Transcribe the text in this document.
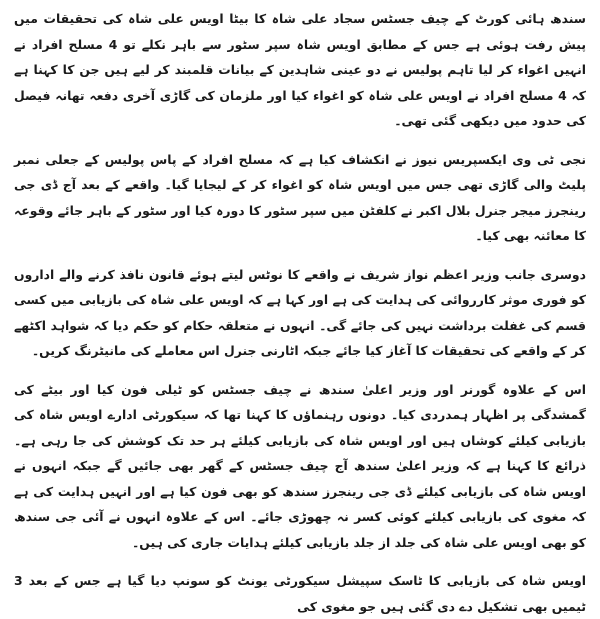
سندھ ہائی کورٹ کے چیف جسٹس سجاد علی شاہ کا بیٹا اویس علی شاہ کی تحقیقات میں پیش رفت ہوئی ہے جس کے مطابق اویس شاہ سپر سٹور سے باہر نکلے تو 4 مسلح افراد نے انہیں اغواء کر لیا تاہم پولیس نے دو عینی شاہدین کے بیانات قلمبند کر لیے ہیں جن کا کہنا ہے کہ 4 مسلح افراد نے اویس علی شاہ کو اغواء کیا اور ملزمان کی گاڑی آخری دفعہ تھانہ فیصل کی حدود میں دیکھی گئی تھی۔

نجی ٹی وی ایکسپریس نیوز نے انکشاف کیا ہے کہ مسلح افراد کے پاس پولیس کے جعلی نمبر پلیٹ والی گاڑی تھی جس میں اویس شاہ کو اغواء کر کے لیجایا گیا۔ واقعے کے بعد آج ڈی جی رینجرز میجر جنرل بلال اکبر نے کلفٹن میں سپر سٹور کا دورہ کیا اور سٹور کے باہر جائے وقوعہ کا معائنہ بھی کیا۔

دوسری جانب وزیر اعظم نواز شریف نے واقعے کا نوٹس لیتے ہوئے قانون نافذ کرنے والے اداروں کو فوری موثر کارروائی کی ہدایت کی ہے اور کہا ہے کہ اویس علی شاہ کی بازیابی میں کسی قسم کی غفلت برداشت نہیں کی جائے گی۔ انہوں نے متعلقہ حکام کو حکم دیا کہ شواہد اکٹھے کر کے واقعے کی تحقیقات کا آغاز کیا جائے جبکہ اٹارنی جنرل اس معاملے کی مانیٹرنگ کریں۔

اس کے علاوہ گورنر اور وزیر اعلیٰ سندھ نے چیف جسٹس کو ٹیلی فون کیا اور بیٹے کی گمشدگی پر اظہار ہمدردی کیا۔ دونوں رہنماؤں کا کہنا تھا کہ سیکورٹی ادارے اویس شاہ کی بازیابی کیلئے کوشاں ہیں اور اویس شاہ کی بازیابی کیلئے ہر حد تک کوشش کی جا رہی ہے۔ ذرائع کا کہنا ہے کہ وزیر اعلیٰ سندھ آج چیف جسٹس کے گھر بھی جائیں گے جبکہ انہوں نے اویس شاہ کی بازیابی کیلئے ڈی جی رینجرز سندھ کو بھی فون کیا ہے اور انہیں ہدایت کی ہے کہ مغوی کی بازیابی کیلئے کوئی کسر نہ چھوڑی جائے۔ اس کے علاوہ انہوں نے آئی جی سندھ کو بھی اویس علی شاہ کی جلد از جلد بازیابی کیلئے ہدایات جاری کی ہیں۔

اویس شاہ کی بازیابی کا ٹاسک سپیشل سیکورٹی یونٹ کو سونپ دیا گیا ہے جس کے بعد 3 ٹیمیں بھی تشکیل دے دی گئی ہیں جو مغوی کی
